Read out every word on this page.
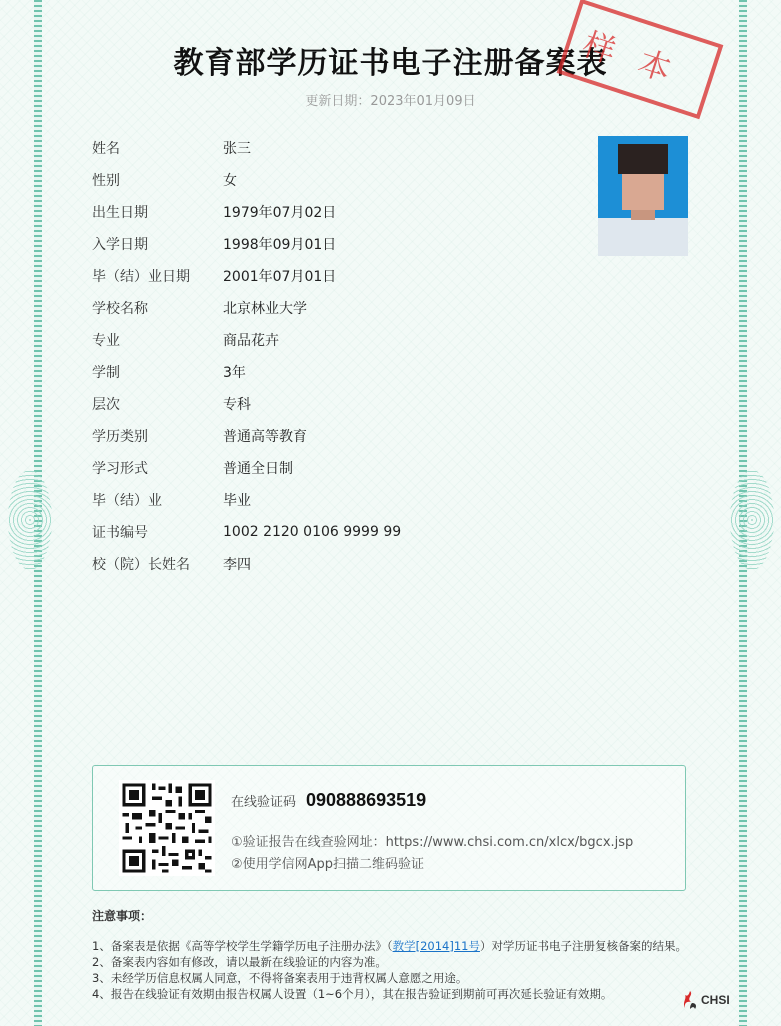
教育部学历证书电子注册备案表
更新日期：2023年01月09日
样本
姓名	张三
性别	女
出生日期	1979年07月02日
入学日期	1998年09月01日
毕（结）业日期	2001年07月01日
学校名称	北京林业大学
专业	商品花卉
学制	3年
层次	专科
学历类别	普通高等教育
学习形式	普通全日制
毕（结）业	毕业
证书编号	1002 2120 0106 9999 99
校（院）长姓名	李四
在线验证码 090888693519
①验证报告在线查验网址：https://www.chsi.com.cn/xlcx/bgcx.jsp
②使用学信网App扫描二维码验证
注意事项：
1、备案表是依据《高等学校学生学籍学历电子注册办法》（教学[2014]11号）对学历证书电子注册复核备案的结果。
2、备案表内容如有修改，请以最新在线验证的内容为准。
3、未经学历信息权属人同意，不得将备案表用于违背权属人意愿之用途。
4、报告在线验证有效期由报告权属人设置（1~6个月），其在报告验证到期前可再次延长验证有效期。	CHSI
